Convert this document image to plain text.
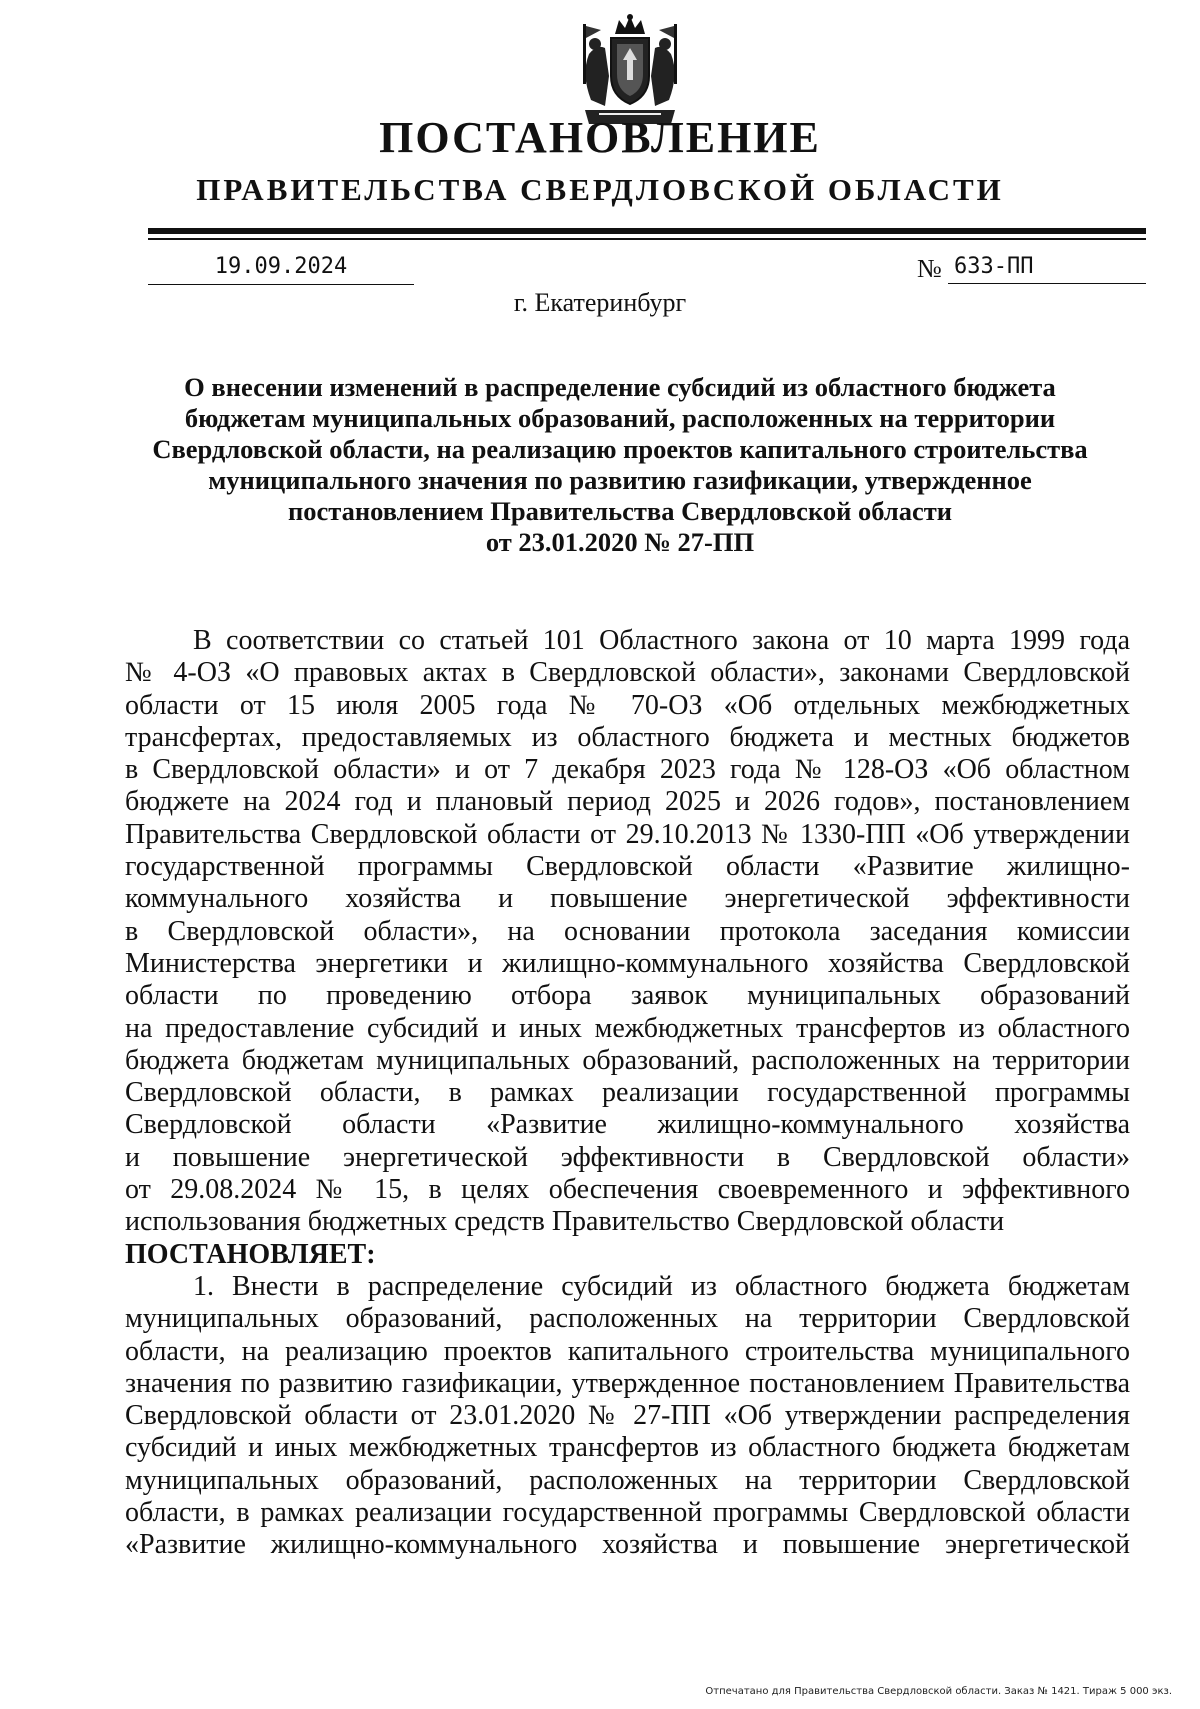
ПОСТАНОВЛЕНИЕ
ПРАВИТЕЛЬСТВА СВЕРДЛОВСКОЙ ОБЛАСТИ
19.09.2024	№ 633-ПП
г. Екатеринбург
О внесении изменений в распределение субсидий из областного бюджета
бюджетам муниципальных образований, расположенных на территории
Свердловской области, на реализацию проектов капитального строительства
муниципального значения по развитию газификации, утвержденное
постановлением Правительства Свердловской области
от 23.01.2020 № 27-ПП
В соответствии со статьей 101 Областного закона от 10 марта 1999 года
№ 4-ОЗ «О правовых актах в Свердловской области», законами Свердловской
области от 15 июля 2005 года № 70-ОЗ «Об отдельных межбюджетных
трансфертах, предоставляемых из областного бюджета и местных бюджетов
в Свердловской области» и от 7 декабря 2023 года № 128-ОЗ «Об областном
бюджете на 2024 год и плановый период 2025 и 2026 годов», постановлением
Правительства Свердловской области от 29.10.2013 № 1330-ПП «Об утверждении
государственной программы Свердловской области «Развитие жилищно-
коммунального хозяйства и повышение энергетической эффективности
в Свердловской области», на основании протокола заседания комиссии
Министерства энергетики и жилищно-коммунального хозяйства Свердловской
области по проведению отбора заявок муниципальных образований
на предоставление субсидий и иных межбюджетных трансфертов из областного
бюджета бюджетам муниципальных образований, расположенных на территории
Свердловской области, в рамках реализации государственной программы
Свердловской области «Развитие жилищно-коммунального хозяйства
и повышение энергетической эффективности в Свердловской области»
от 29.08.2024 № 15, в целях обеспечения своевременного и эффективного
использования бюджетных средств Правительство Свердловской области
ПОСТАНОВЛЯЕТ:
1. Внести в распределение субсидий из областного бюджета бюджетам
муниципальных образований, расположенных на территории Свердловской
области, на реализацию проектов капитального строительства муниципального
значения по развитию газификации, утвержденное постановлением Правительства
Свердловской области от 23.01.2020 № 27-ПП «Об утверждении распределения
субсидий и иных межбюджетных трансфертов из областного бюджета бюджетам
муниципальных образований, расположенных на территории Свердловской
области, в рамках реализации государственной программы Свердловской области
«Развитие жилищно-коммунального хозяйства и повышение энергетической
Отпечатано для Правительства Свердловской области. Заказ № 1421. Тираж 5 000 экз.
